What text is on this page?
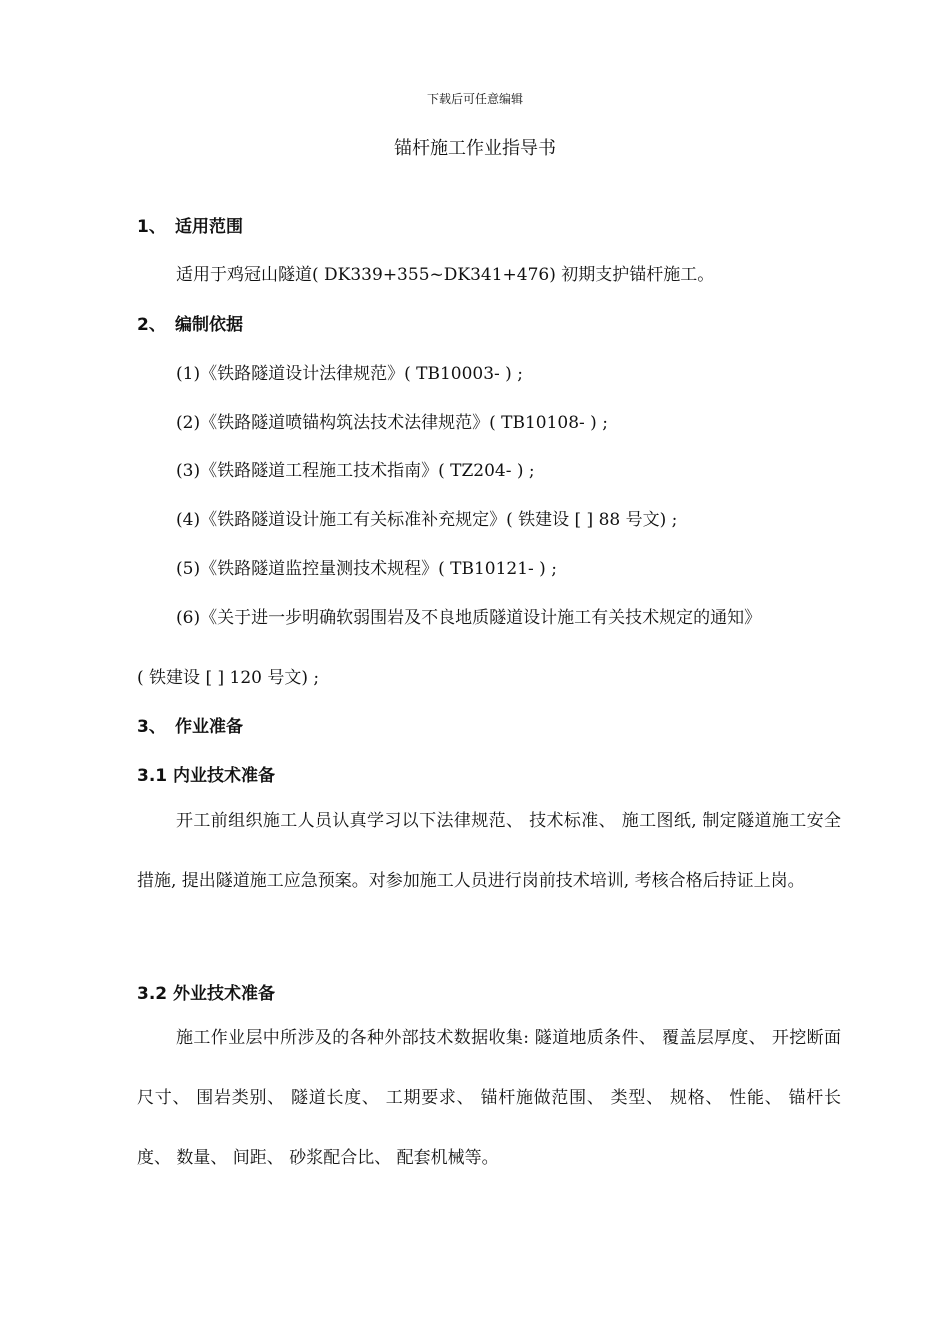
下载后可任意编辑
锚杆施工作业指导书
1、 适用范围
适用于鸡冠山隧道( DK339+355~DK341+476) 初期支护锚杆施工。
2、 编制依据
(1)《铁路隧道设计法律规范》( TB10003- ) ;
(2)《铁路隧道喷锚构筑法技术法律规范》( TB10108- ) ;
(3)《铁路隧道工程施工技术指南》( TZ204- ) ;
(4)《铁路隧道设计施工有关标准补充规定》( 铁建设 [ ] 88 号文) ;
(5)《铁路隧道监控量测技术规程》( TB10121- ) ;
(6)《关于进一步明确软弱围岩及不良地质隧道设计施工有关技术规定的通知》
( 铁建设 [ ] 120 号文) ;
3、 作业准备
3.1 内业技术准备
开工前组织施工人员认真学习以下法律规范、 技术标准、 施工图纸, 制定隧道施工安全措施, 提出隧道施工应急预案。对参加施工人员进行岗前技术培训, 考核合格后持证上岗。
3.2 外业技术准备
施工作业层中所涉及的各种外部技术数据收集: 隧道地质条件、 覆盖层厚度、 开挖断面尺寸、 围岩类别、 隧道长度、 工期要求、 锚杆施做范围、 类型、 规格、 性能、 锚杆长度、 数量、 间距、 砂浆配合比、 配套机械等。
